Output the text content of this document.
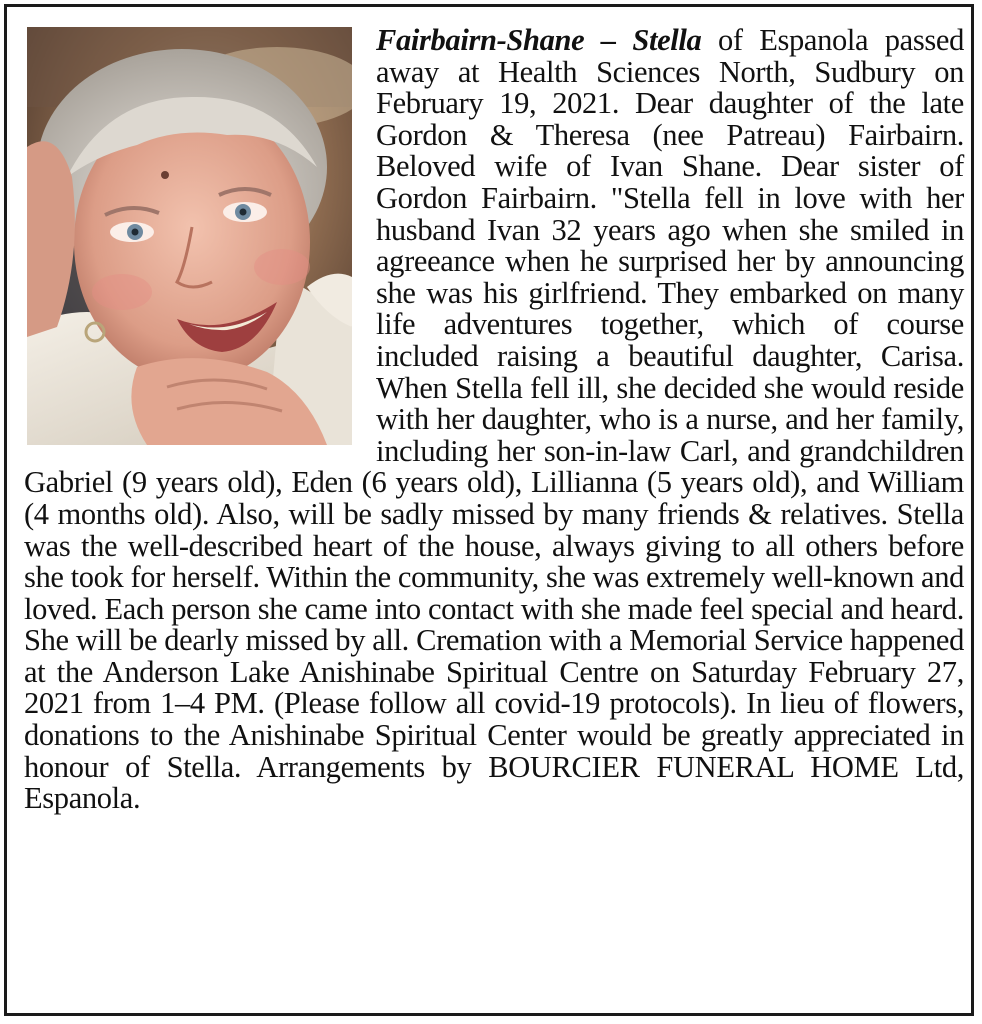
Fairbairn-Shane – Stella of Espanola passed away at Health Sciences North, Sudbury on February 19, 2021. Dear daughter of the late Gordon & Theresa (nee Patreau) Fairbairn. Beloved wife of Ivan Shane. Dear sister of Gordon Fairbairn. "Stella fell in love with her husband Ivan 32 years ago when she smiled in agreeance when he surprised her by announcing she was his girlfriend. They embarked on many life adventures together, which of course included raising a beautiful daughter, Carisa. When Stella fell ill, she decided she would reside with her daughter, who is a nurse, and her family, including her son-in-law Carl, and grandchildren Gabriel (9 years old), Eden (6 years old), Lillianna (5 years old), and William (4 months old). Also, will be sadly missed by many friends & relatives. Stella was the well-described heart of the house, always giving to all others before she took for herself. Within the community, she was extremely well-known and loved. Each person she came into contact with she made feel special and heard. She will be dearly missed by all. Cremation with a Memorial Service happened at the Anderson Lake Anishinabe Spiritual Centre on Saturday February 27, 2021 from 1–4 PM. (Please follow all covid-19 protocols). In lieu of flowers, donations to the Anishinabe Spiritual Center would be greatly appreciated in honour of Stella. Arrangements by BOURCIER FUNERAL HOME Ltd, Espanola.
